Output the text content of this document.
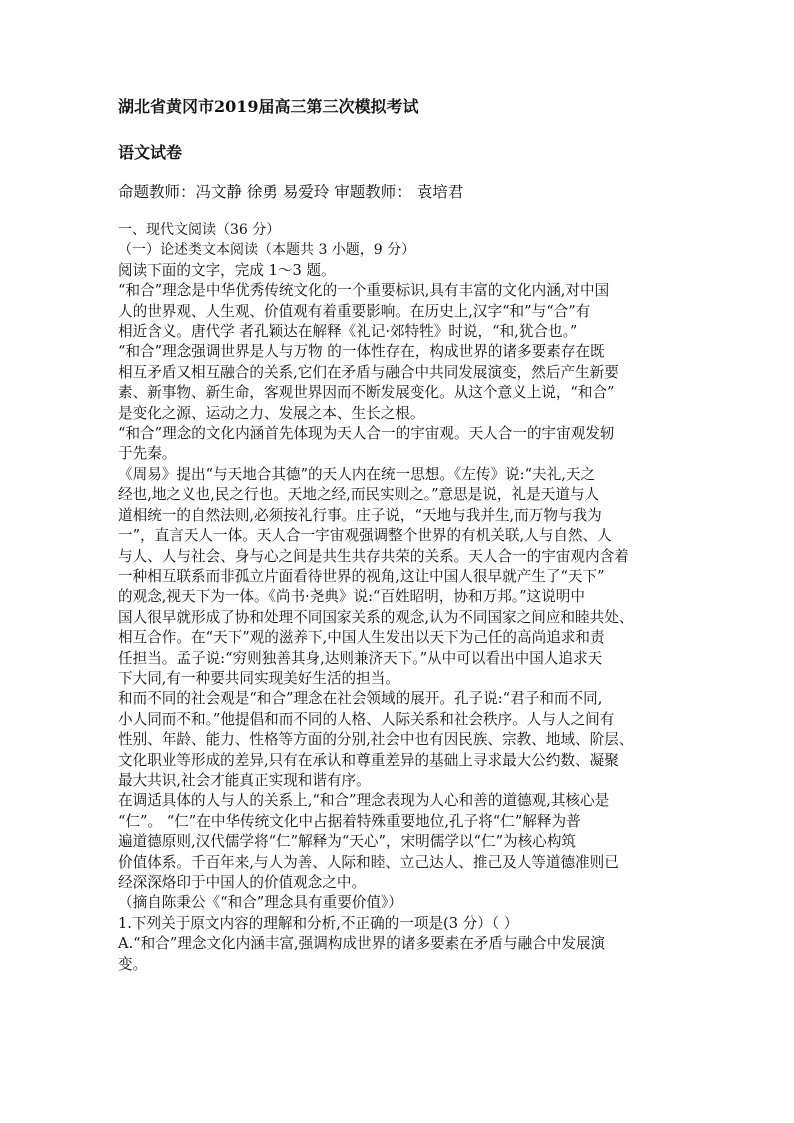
湖北省黄冈市2019届高三第三次模拟考试
语文试卷
命题教师：冯文静 徐勇 易爱玲 审题教师： 袁培君

一、现代文阅读（36 分）

（一）论述类文本阅读（本题共 3 小题，9 分）

阅读下面的文字，完成 1～3 题。

“和合”理念是中华优秀传统文化的一个重要标识,具有丰富的文化内涵,对中国

人的世界观、人生观、价值观有着重要影响。在历史上,汉字“和”与“合”有

相近含义。唐代学 者孔颖达在解释《礼记·郊特牲》时说，“和,犹合也。”

“和合”理念强调世界是人与万物 的一体性存在，构成世界的诸多要素存在既

相互矛盾又相互融合的关系,它们在矛盾与融合中共同发展演变，然后产生新要

素、新事物、新生命，客观世界因而不断发展变化。从这个意义上说，“和合”

是变化之源、运动之力、发展之本、生长之根。

“和合”理念的文化内涵首先体现为天人合一的宇宙观。天人合一的宇宙观发轫

于先秦。

《周易》提出“与天地合其德”的天人内在统一思想。《左传》说:“夫礼,天之

经也,地之义也,民之行也。天地之经,而民实则之。”意思是说，礼是天道与人

道相统一的自然法则,必须按礼行事。庄子说，“天地与我并生,而万物与我为

一”，直言天人一体。天人合一宇宙观强调整个世界的有机关联,人与自然、人

与人、人与社会、身与心之间是共生共存共荣的关系。天人合一的宇宙观内含着

一种相互联系而非孤立片面看待世界的视角,这让中国人很早就产生了“天下”

的观念,视天下为一体。《尚书·尧典》说:“百姓昭明，协和万邦。”这说明中

国人很早就形成了协和处理不同国家关系的观念,认为不同国家之间应和睦共处、

相互合作。在“天下”观的滋养下,中国人生发出以天下为己任的高尚追求和责

任担当。孟子说:“穷则独善其身,达则兼济天下。”从中可以看出中国人追求天

下大同,有一种要共同实现美好生活的担当。

和而不同的社会观是“和合”理念在社会领域的展开。孔子说:“君子和而不同,

小人同而不和。”他提倡和而不同的人格、人际关系和社会秩序。人与人之间有

性别、年龄、能力、性格等方面的分别,社会中也有因民族、宗教、地域、阶层、

文化职业等形成的差异,只有在承认和尊重差异的基础上寻求最大公约数、凝聚

最大共识,社会才能真正实现和谐有序。

在调适具体的人与人的关系上,“和合”理念表现为人心和善的道德观,其核心是

“仁”。 “仁”在中华传统文化中占据着特殊重要地位,孔子将“仁”解释为普

遍道德原则,汉代儒学将“仁”解释为“天心”，宋明儒学以“仁”为核心构筑

价值体系。千百年来,与人为善、人际和睦、立己达人、推己及人等道德准则已

经深深烙印于中国人的价值观念之中。

（摘自陈秉公《“和合”理念具有重要价值》）

1.下列关于原文内容的理解和分析,不正确的一项是(3 分）（ ）

A.“和合”理念文化内涵丰富,强调构成世界的诸多要素在矛盾与融合中发展演

变。
